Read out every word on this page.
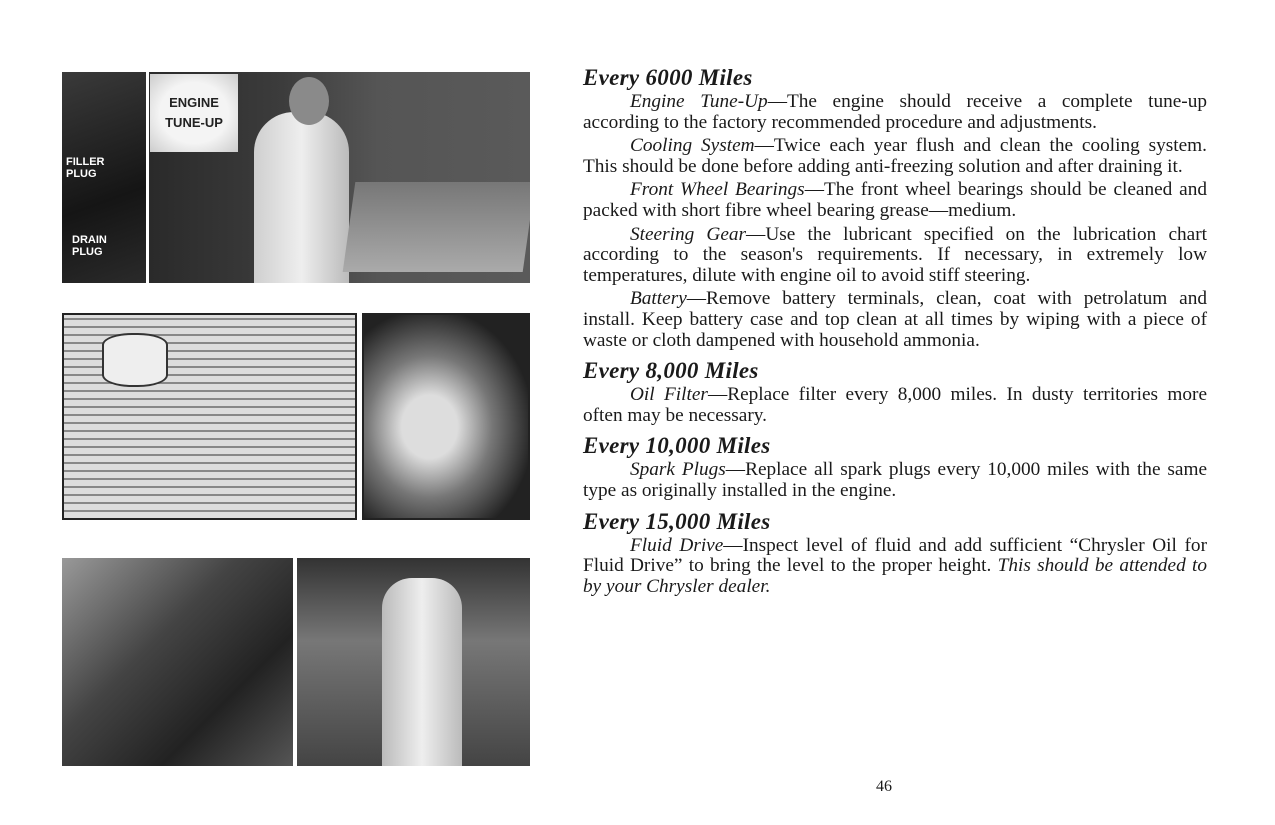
FILLER
PLUG
DRAIN
PLUG
ENGINE
TUNE-UP
Every 6000 Miles

Engine Tune-Up—The engine should receive a complete tune-up according to the factory recommended procedure and adjustments.

Cooling System—Twice each year flush and clean the cooling system. This should be done before adding anti-freezing solution and after draining it.

Front Wheel Bearings—The front wheel bearings should be cleaned and packed with short fibre wheel bearing grease—medium.

Steering Gear—Use the lubricant specified on the lubrication chart according to the season's requirements. If necessary, in extremely low temperatures, dilute with engine oil to avoid stiff steering.

Battery—Remove battery terminals, clean, coat with petrolatum and install. Keep battery case and top clean at all times by wiping with a piece of waste or cloth dampened with household ammonia.

Every 8,000 Miles

Oil Filter—Replace filter every 8,000 miles. In dusty territories more often may be necessary.

Every 10,000 Miles

Spark Plugs—Replace all spark plugs every 10,000 miles with the same type as originally installed in the engine.

Every 15,000 Miles

Fluid Drive—Inspect level of fluid and add sufficient “Chrysler Oil for Fluid Drive” to bring the level to the proper height. This should be attended to by your Chrysler dealer.

46
